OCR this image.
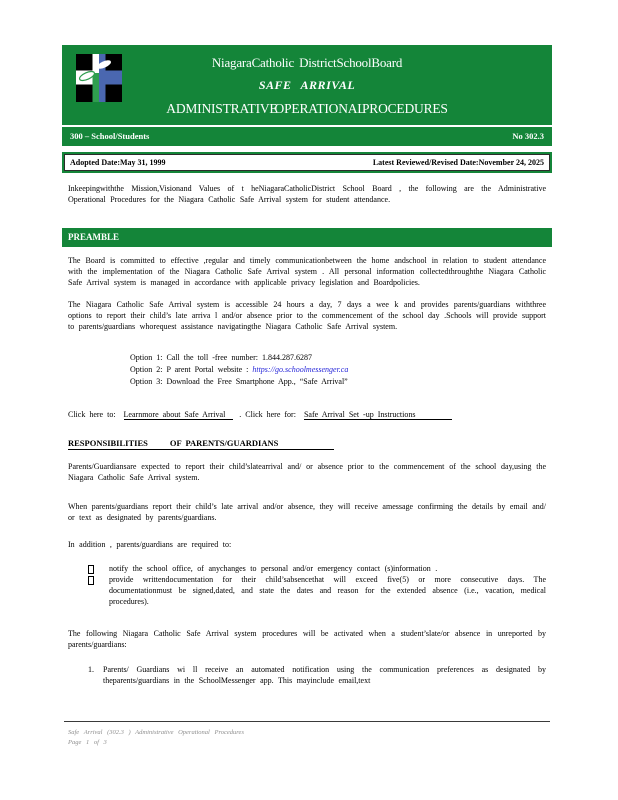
NiagaraCatholic DistrictSchoolBoard
SAFE ARRIVAL
ADMINISTRATIVE OPERATIONAL PROCEDURES
300 – School/Students	No 302.3
Adopted Date:May 31, 1999	Latest Reviewed/Revised Date:November 24, 2025

Inkeepingwiththe Mission,Visionand Values of t heNiagaraCatholicDistrict School Board , the following are the Administrative Operational Procedures for the Niagara Catholic Safe Arrival system for student attendance.

PREAMBLE

The Board is committed to effective ,regular and timely communicationbetween the home andschool in relation to student attendance with the implementation of the Niagara Catholic Safe Arrival system . All personal information collectedthroughthe Niagara Catholic Safe Arrival system is managed in accordance with applicable privacy legislation and Boardpolicies.

The Niagara Catholic Safe Arrival system is accessible 24 hours a day, 7 days a wee k and provides parents/guardians withthree options to report their child’s late arriva l and/or absence prior to the commencement of the school day .Schools will provide support to parents/guardians whorequest assistance navigatingthe Niagara Catholic Safe Arrival system.

Option 1: Call the toll -free number: 1.844.287.6287
Option 2: P arent Portal website : https://go.schoolmessenger.ca
Option 3: Download the Free Smartphone App., “Safe Arrival”

Click here to: Learnmore about Safe Arrival . Click here for: Safe Arrival Set -up Instructions

RESPONSIBILITIES	OF PARENTS/GUARDIANS

Parents/Guardiansare expected to report their child’slatearrival and/ or absence prior to the commencement of the school day,using the Niagara Catholic Safe Arrival system.

When parents/guardians report their child’s late arrival and/or absence, they will receive amessage confirming the details by email and/ or text as designated by parents/guardians.

In addition , parents/guardians are required to:

notify the school office, of anychanges to personal and/or emergency contact (s)information .
provide writtendocumentation for their child’sabsencethat will exceed five(5) or more consecutive days. The documentationmust be signed,dated, and state the dates and reason for the extended absence (i.e., vacation, medical procedures).

The following Niagara Catholic Safe Arrival system procedures will be activated when a student’slate/or absence in unreported by parents/guardians:

1.	Parents/ Guardians wi ll receive an automated notification using the communication preferences as designated by theparents/guardians in the SchoolMessenger app. This mayinclude email,text
Safe Arrival (302.3 ) Administrative Operational Procedures
Page 1 of 3
